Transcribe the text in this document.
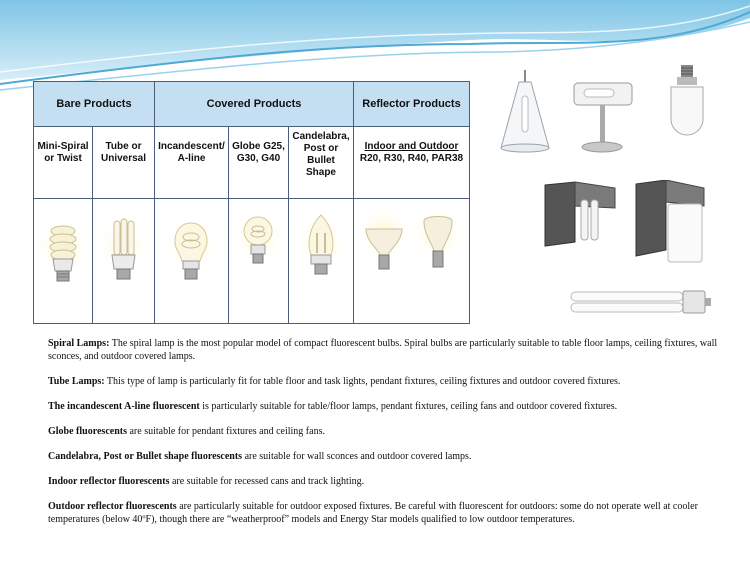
Bare Products	Covered Products	Reflector Products
Mini-Spiral
or Twist
Tube or
Universal
Incandescent/
A-line
Globe G25,
G30, G40
Candelabra,
Post or
Bullet
Shape
Indoor and Outdoor
R20, R30, R40, PAR38

Spiral Lamps: The spiral lamp is the most popular model of compact fluorescent bulbs. Spiral bulbs are particularly suitable to table floor lamps, ceiling fixtures, wall sconces, and outdoor covered lamps.

Tube Lamps: This type of lamp is particularly fit for table floor and task lights, pendant fixtures, ceiling fixtures and outdoor covered fixtures.

The incandescent A-line fluorescent is particularly suitable for table/floor lamps, pendant fixtures, ceiling fans and outdoor covered fixtures.

Globe fluorescents are suitable for pendant fixtures and ceiling fans.

Candelabra, Post or Bullet shape fluorescents are suitable for wall sconces and outdoor covered lamps.

Indoor reflector fluorescents are suitable for recessed cans and track lighting.

Outdoor reflector fluorescents are particularly suitable for outdoor exposed fixtures. Be careful with fluorescent for outdoors: some do not operate well at cooler temperatures (below 40ºF), though there are “weatherproof” models and Energy Star models qualified to low outdoor temperatures.
